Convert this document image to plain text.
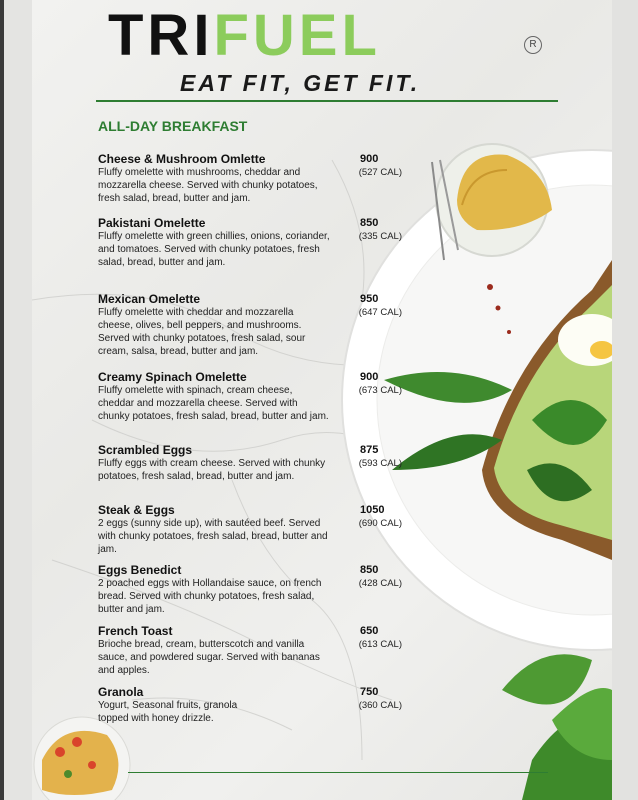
TRIFUEL	R
EAT FIT, GET FIT.
ALL-DAY BREAKFAST
Cheese & Mushroom Omlette
Fluffy omelette with mushrooms, cheddar and mozzarella cheese. Served with chunky potatoes, fresh salad, bread, butter and jam.
900
(527 CAL)
Pakistani Omelette
Fluffy omelette with green chillies, onions, coriander, and tomatoes. Served with chunky potatoes, fresh salad, bread, butter and jam.
850
(335 CAL)
Mexican Omelette
Fluffy omelette with cheddar and mozzarella cheese, olives, bell peppers, and mushrooms. Served with chunky potatoes, fresh salad, sour cream, salsa, bread, butter and jam.
950
(647 CAL)
Creamy Spinach Omelette
Fluffy omelette with spinach, cream cheese, cheddar and mozzarella cheese. Served with chunky potatoes, fresh salad, bread, butter and jam.
900
(673 CAL)
Scrambled Eggs
Fluffy eggs with cream cheese. Served with chunky potatoes, fresh salad, bread, butter and jam.
875
(593 CAL)
Steak & Eggs
2 eggs (sunny side up), with sautéed beef. Served with chunky potatoes, fresh salad, bread, butter and jam.
1050
(690 CAL)
Eggs Benedict
2 poached eggs with Hollandaise sauce, on french bread. Served with chunky potatoes, fresh salad, butter and jam.
850
(428 CAL)
French Toast
Brioche bread, cream, butterscotch and vanilla sauce, and powdered sugar. Served with bananas and apples.
650
(613 CAL)
Granola
Yogurt, Seasonal fruits, granola topped with honey drizzle.
750
(360 CAL)
